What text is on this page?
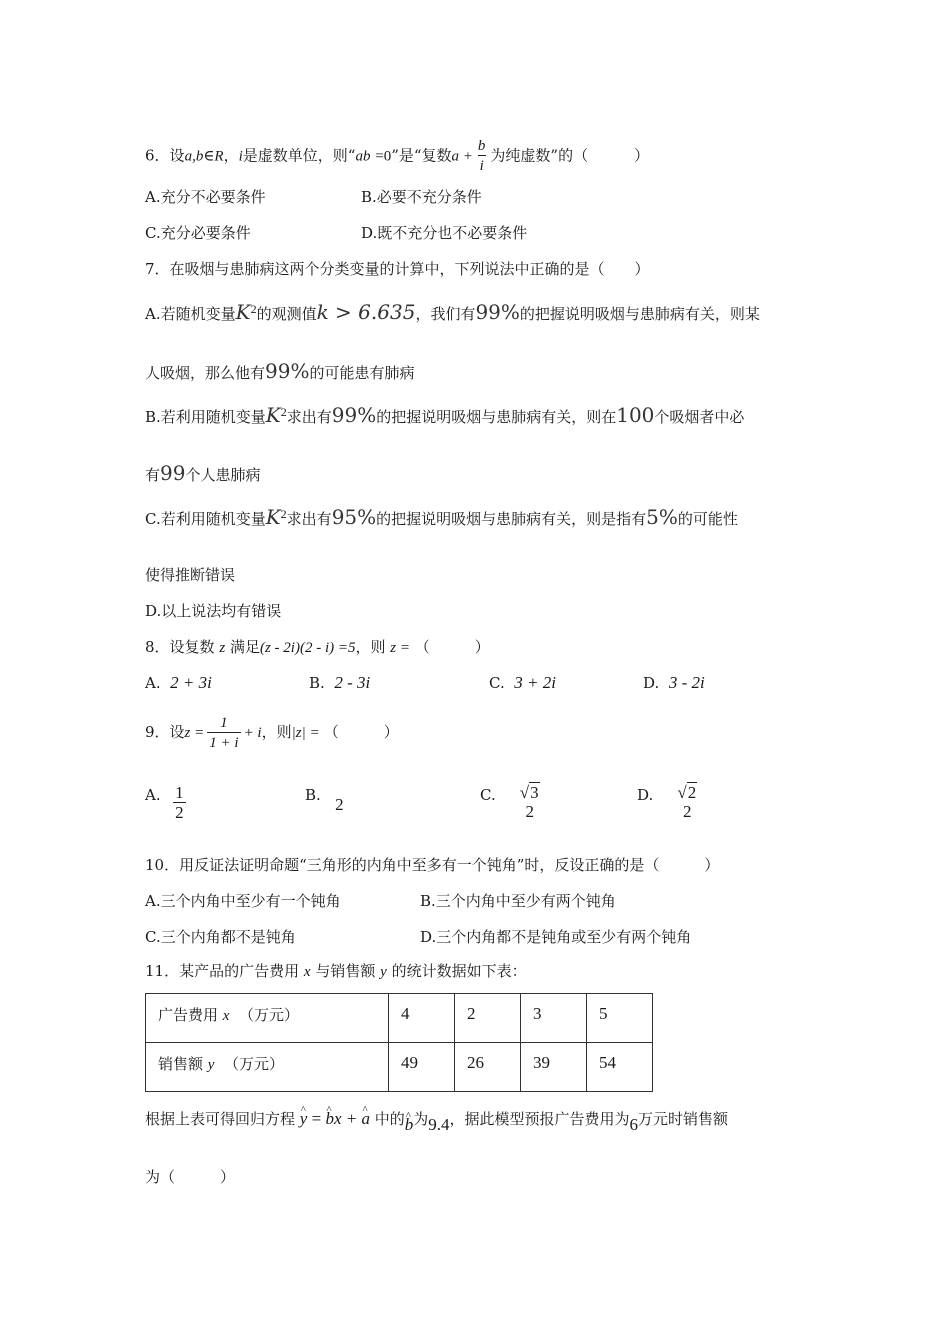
6．设a,b∈R，i是虚数单位，则“ab =0”是“复数$a + \frac{b}{i}$ 为纯虚数”的（	）
A.充分不必要条件	B.必要不充分条件
C.充分必要条件	D.既不充分也不必要条件
7．在吸烟与患肺病这两个分类变量的计算中，下列说法中正确的是（　　）
A.若随机变量$K^2$的观测值k > 6.635，我们有99%的把握说明吸烟与患肺病有关，则某
人吸烟，那么他有99%的可能患有肺病
B.若利用随机变量$K^2$求出有99%的把握说明吸烟与患肺病有关，则在100个吸烟者中必
有99个人患肺病
C.若利用随机变量$K^2$求出有95%的把握说明吸烟与患肺病有关，则是指有5%的可能性
使得推断错误
D.以上说法均有错误
8．设复数 z 满足(z - 2i)(2 - i) =5，则 z = （　　　）
A. 2 + 3i	B. 2 - 3i	C. 3 + 2i	D. 3 - 2i
9．设$z = \frac{1}{1 + i} + i$，则|z| = （　　　）
A. $\frac{1}{2}$	B. 2	C. √3
2
D. √2
2
10．用反证法证明命题“三角形的内角中至多有一个钝角”时，反设正确的是（　　　）
A.三个内角中至少有一个钝角	B.三个内角中至少有两个钝角
C.三个内角都不是钝角	D.三个内角都不是钝角或至少有两个钝角
11．某产品的广告费用 x 与销售额 y 的统计数据如下表：
广告费用 x （万元）	4	2	3	5
销售额 y （万元）	49	26	39	54
根据上表可得回归方程 ^ y = ^ bx + ^ a 中的^ b为9.4，据此模型预报广告费用为6万元时销售额
为（　　　）
